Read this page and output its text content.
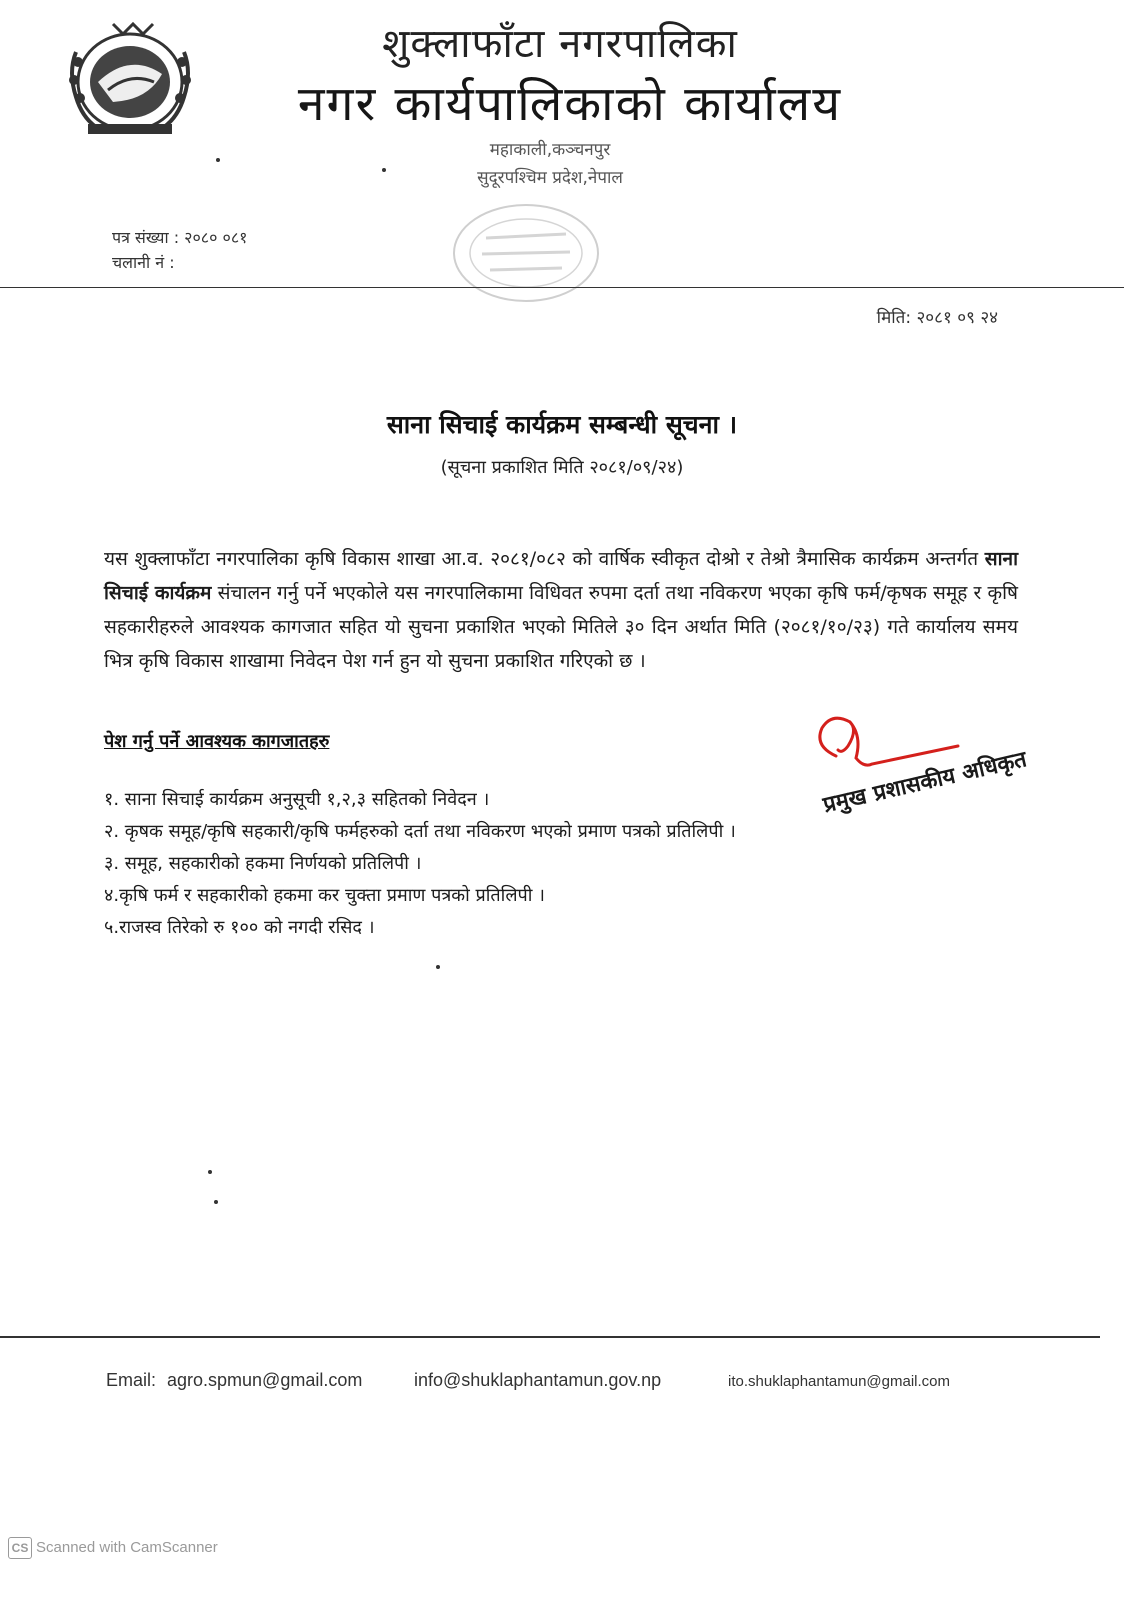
शुक्लाफाँटा नगरपालिका
नगर कार्यपालिकाको कार्यालय
महाकाली,कञ्चनपुर
सुदूरपश्चिम प्रदेश,नेपाल
पत्र संख्या : २०८० ०८१
चलानी नं :
मिति: २०८१ ०९ २४
साना सिचाई कार्यक्रम सम्बन्धी सूचना ।
(सूचना प्रकाशित मिति २०८१/०९/२४)
यस शुक्लाफाँटा नगरपालिका कृषि विकास शाखा आ.व. २०८१/०८२ को वार्षिक स्वीकृत दोश्रो र तेश्रो त्रैमासिक कार्यक्रम अन्तर्गत साना सिचाई कार्यक्रम संचालन गर्नु पर्ने भएकोले यस नगरपालिकामा विधिवत रुपमा दर्ता तथा नविकरण भएका कृषि फर्म/कृषक समूह र कृषि सहकारीहरुले आवश्यक कागजात सहित यो सुचना प्रकाशित भएको मितिले ३० दिन अर्थात मिति (२०८१/१०/२३) गते कार्यालय समय भित्र कृषि विकास शाखामा निवेदन पेश गर्न हुन यो सुचना प्रकाशित गरिएको छ ।
पेश गर्नु पर्ने आवश्यक कागजातहरु
१. साना सिचाई कार्यक्रम अनुसूची १,२,३ सहितको निवेदन ।
२. कृषक समूह/कृषि सहकारी/कृषि फर्महरुको दर्ता तथा नविकरण भएको प्रमाण पत्रको प्रतिलिपी ।
३. समूह, सहकारीको हकमा निर्णयको प्रतिलिपी ।
४.कृषि फर्म र सहकारीको हकमा कर चुक्ता प्रमाण पत्रको प्रतिलिपी ।
५.राजस्व तिरेको रु १०० को नगदी रसिद ।
प्रमुख प्रशासकीय अधिकृत
Email: agro.spmun@gmail.com	info@shuklaphantamun.gov.np	ito.shuklaphantamun@gmail.com
CS Scanned with CamScanner
